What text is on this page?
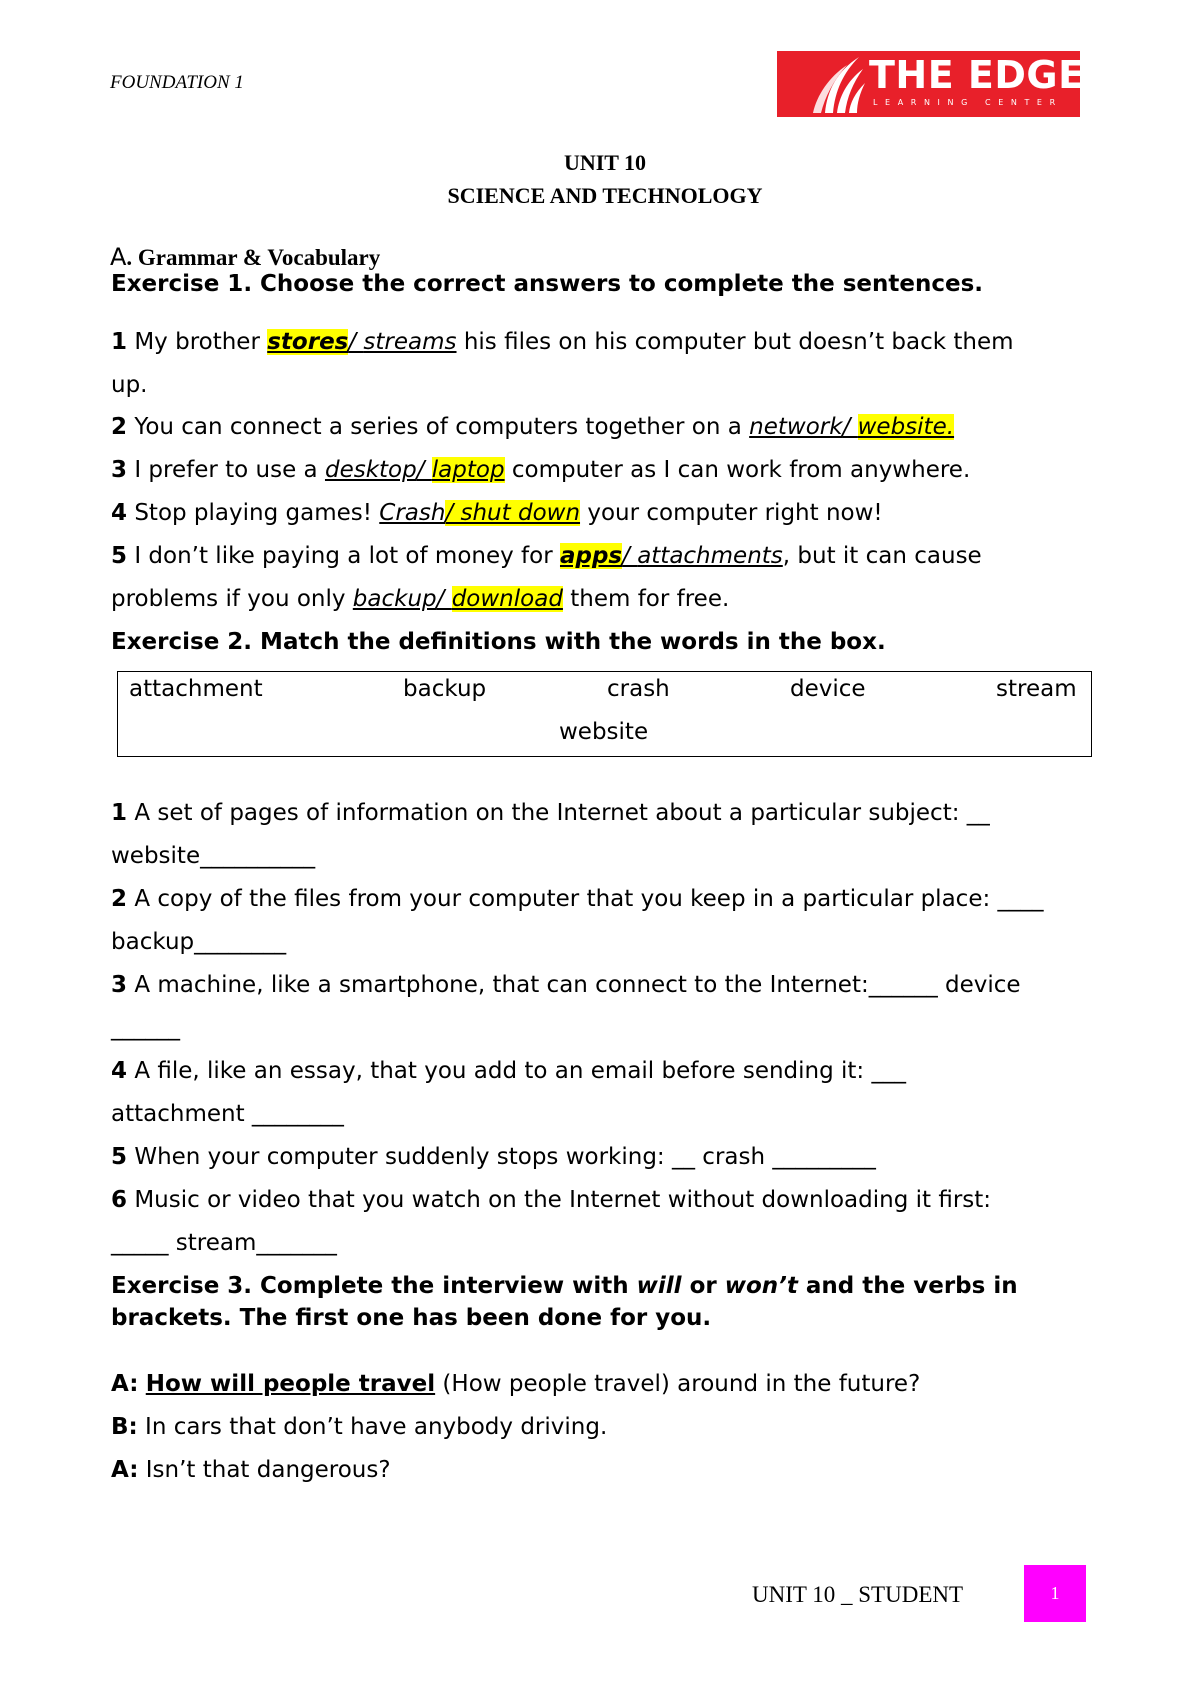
FOUNDATION 1	THE EDGE
LEARNING CENTER
UNIT 10
SCIENCE AND TECHNOLOGY
A. Grammar & Vocabulary
Exercise 1. Choose the correct answers to complete the sentences.
1 My brother stores/ streams his files on his computer but doesn’t back them
up.
2 You can connect a series of computers together on a network/ website.
3 I prefer to use a desktop/ laptop computer as I can work from anywhere.
4 Stop playing games! Crash/ shut down your computer right now!
5 I don’t like paying a lot of money for apps/ attachments, but it can cause
problems if you only backup/ download them for free.
Exercise 2. Match the definitions with the words in the box.
attachment	backup	crash	device	stream
website
1 A set of pages of information on the Internet about a particular subject: __
website__________
2 A copy of the files from your computer that you keep in a particular place: ____
backup________
3 A machine, like a smartphone, that can connect to the Internet:______ device
______
4 A file, like an essay, that you add to an email before sending it: ___
attachment ________
5 When your computer suddenly stops working: __ crash _________
6 Music or video that you watch on the Internet without downloading it first:
_____ stream_______
Exercise 3. Complete the interview with will or won’t and the verbs in
brackets. The first one has been done for you.
A: How will people travel (How people travel) around in the future?
B: In cars that don’t have anybody driving.
A: Isn’t that dangerous?
UNIT 10 _ STUDENT	1
